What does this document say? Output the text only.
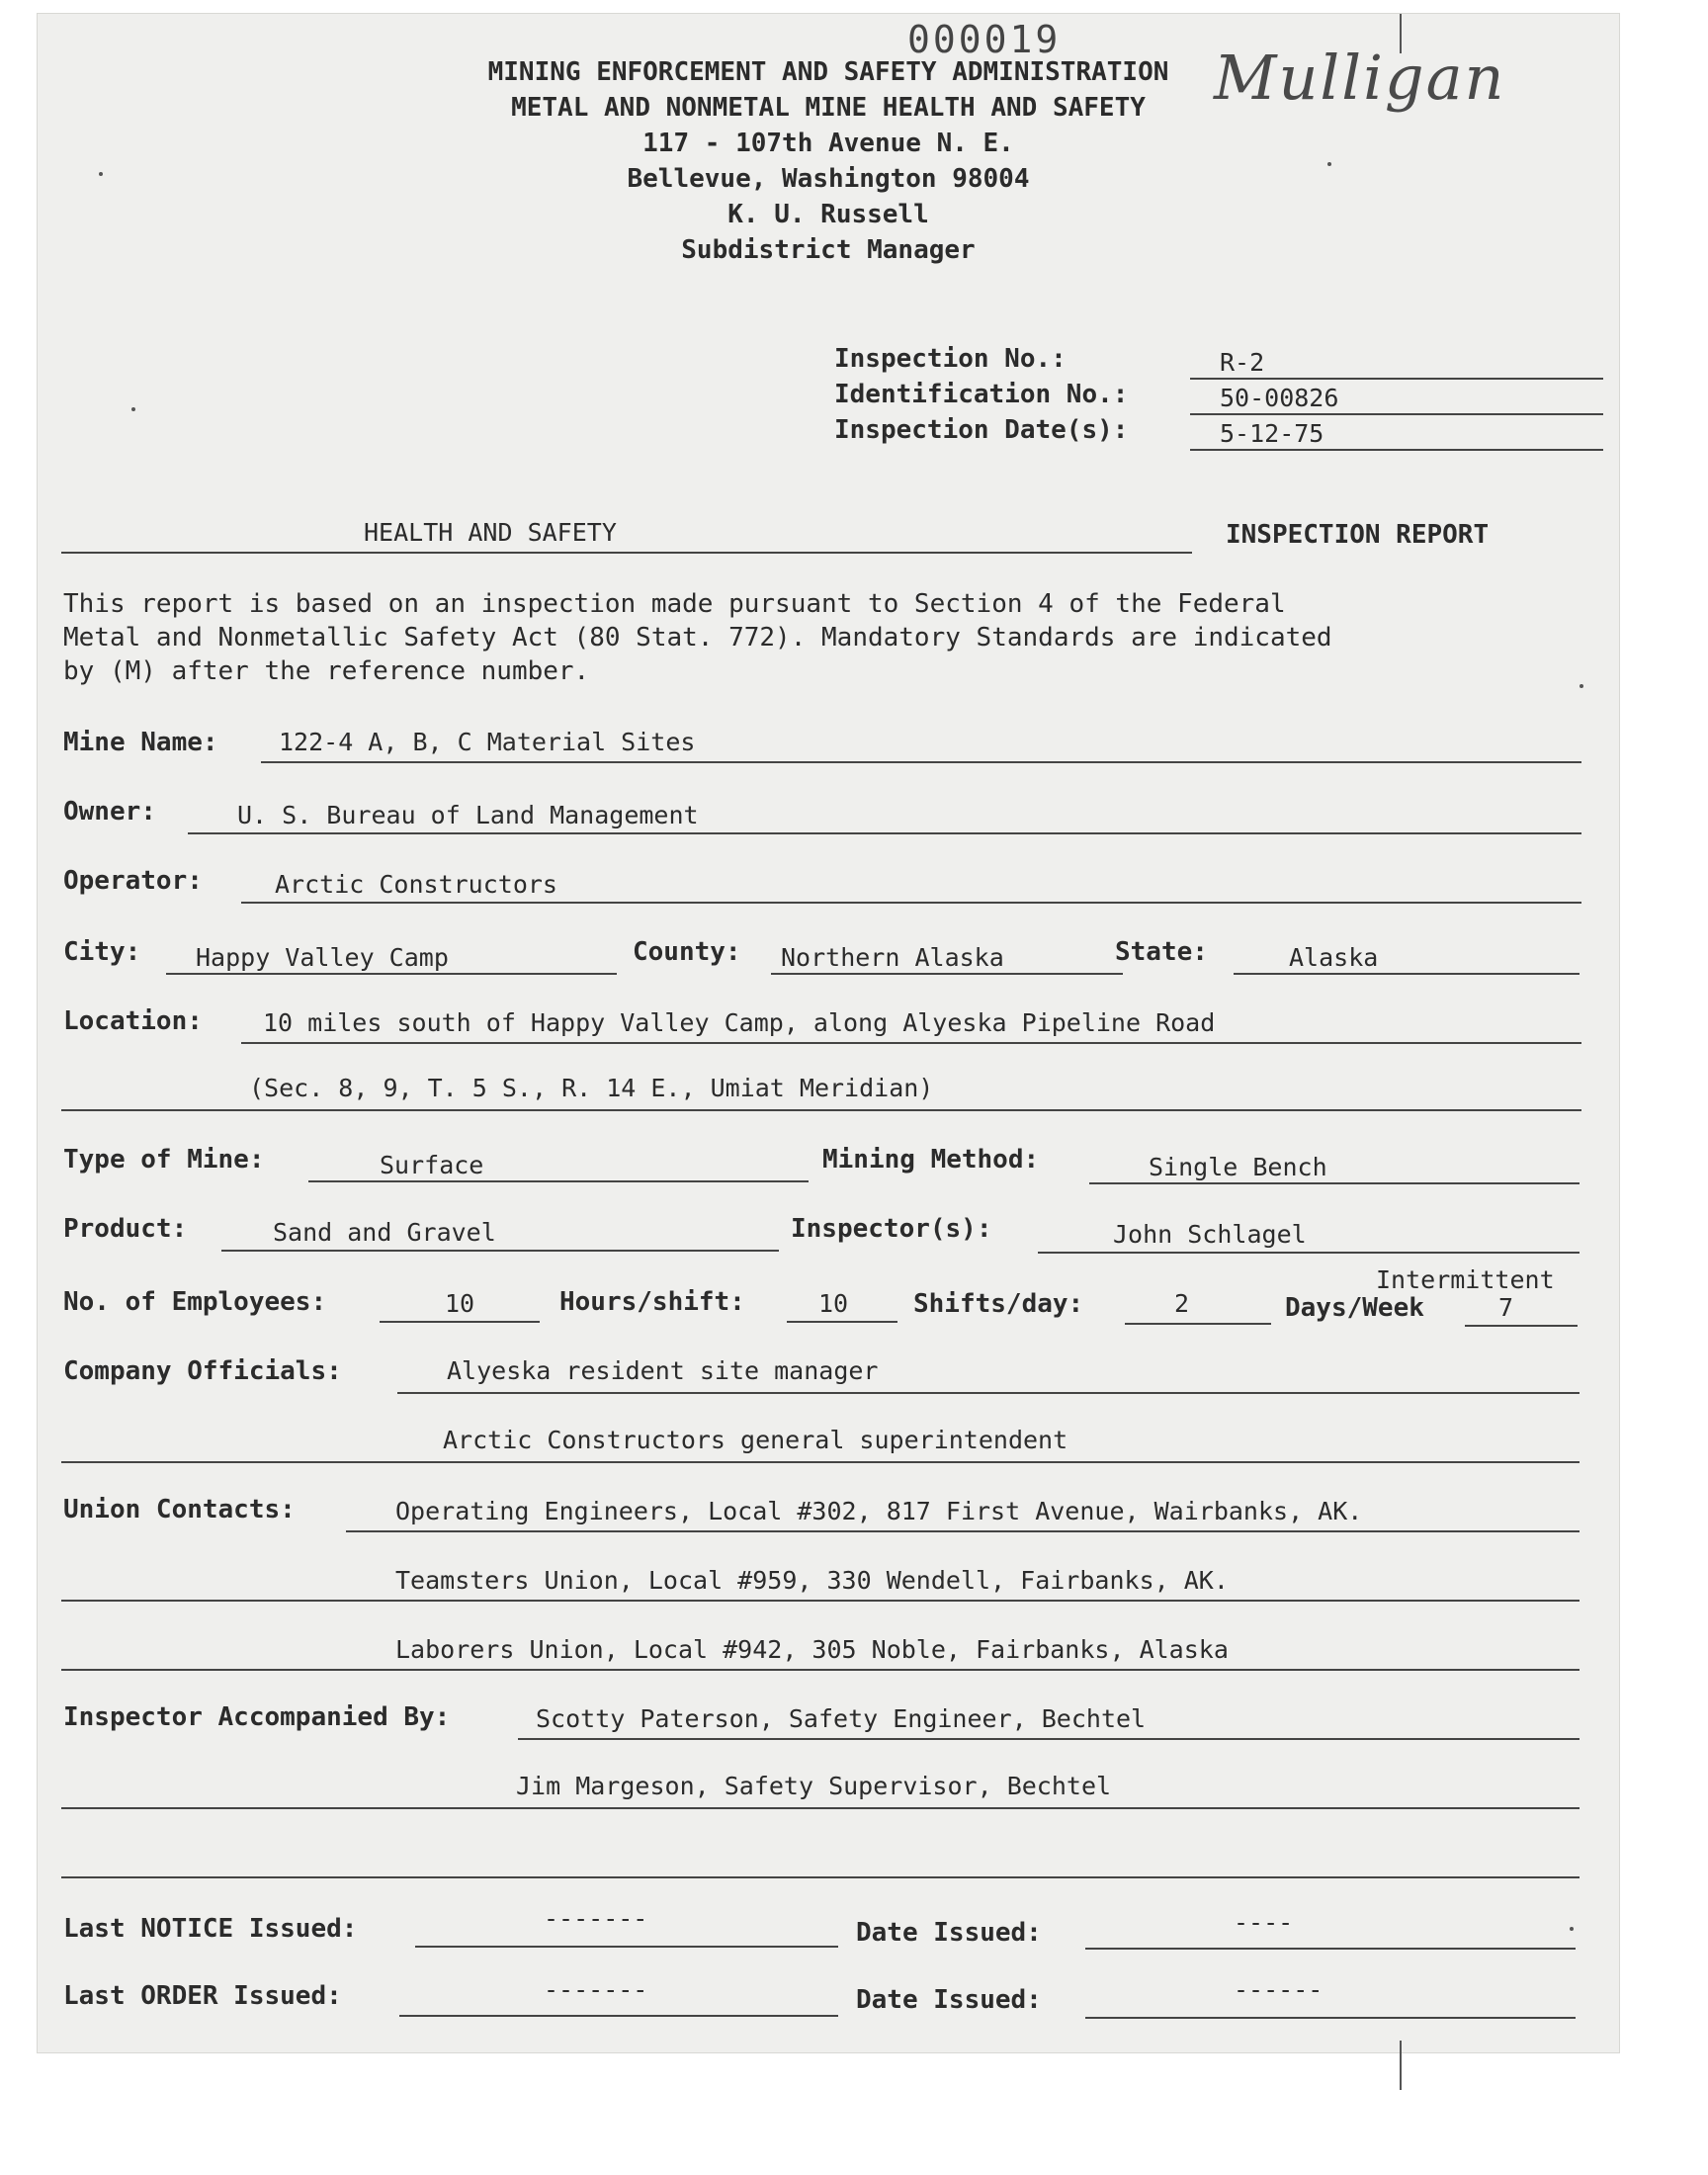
000019
Mulligan
MINING ENFORCEMENT AND SAFETY ADMINISTRATION
METAL AND NONMETAL MINE HEALTH AND SAFETY
117 - 107th Avenue N. E.
Bellevue, Washington 98004
K. U. Russell
Subdistrict Manager
Inspection No.:	R-2
Identification No.:	50-00826
Inspection Date(s):	5-12-75
HEALTH AND SAFETY	INSPECTION REPORT
This report is based on an inspection made pursuant to Section 4 of the Federal
Metal and Nonmetallic Safety Act (80 Stat. 772). Mandatory Standards are indicated
by (M) after the reference number.
Mine Name: 122-4 A, B, C Material Sites
Owner:	U. S. Bureau of Land Management
Operator:	Arctic Constructors
City: Happy Valley Camp	County: Northern Alaska	State:	Alaska
Location: 10 miles south of Happy Valley Camp, along Alyeska Pipeline Road
(Sec. 8, 9, T. 5 S., R. 14 E., Umiat Meridian)
Type of Mine:	Surface	Mining Method:	Single Bench
Product:	Sand and Gravel	Inspector(s):	John Schlagel
Intermittent
No. of Employees:	10	Hours/shift:	10	Shifts/day:	2	Days/Week	7
Company Officials:	Alyeska resident site manager
Arctic Constructors general superintendent
Union Contacts:	Operating Engineers, Local #302, 817 First Avenue, Wairbanks, AK.
Teamsters Union, Local #959, 330 Wendell, Fairbanks, AK.
Laborers Union, Local #942, 305 Noble, Fairbanks, Alaska
Inspector Accompanied By:	Scotty Paterson, Safety Engineer, Bechtel
Jim Margeson, Safety Supervisor, Bechtel
Last NOTICE Issued:	-------	Date Issued:	----
Last ORDER Issued:	-------	Date Issued:	------
